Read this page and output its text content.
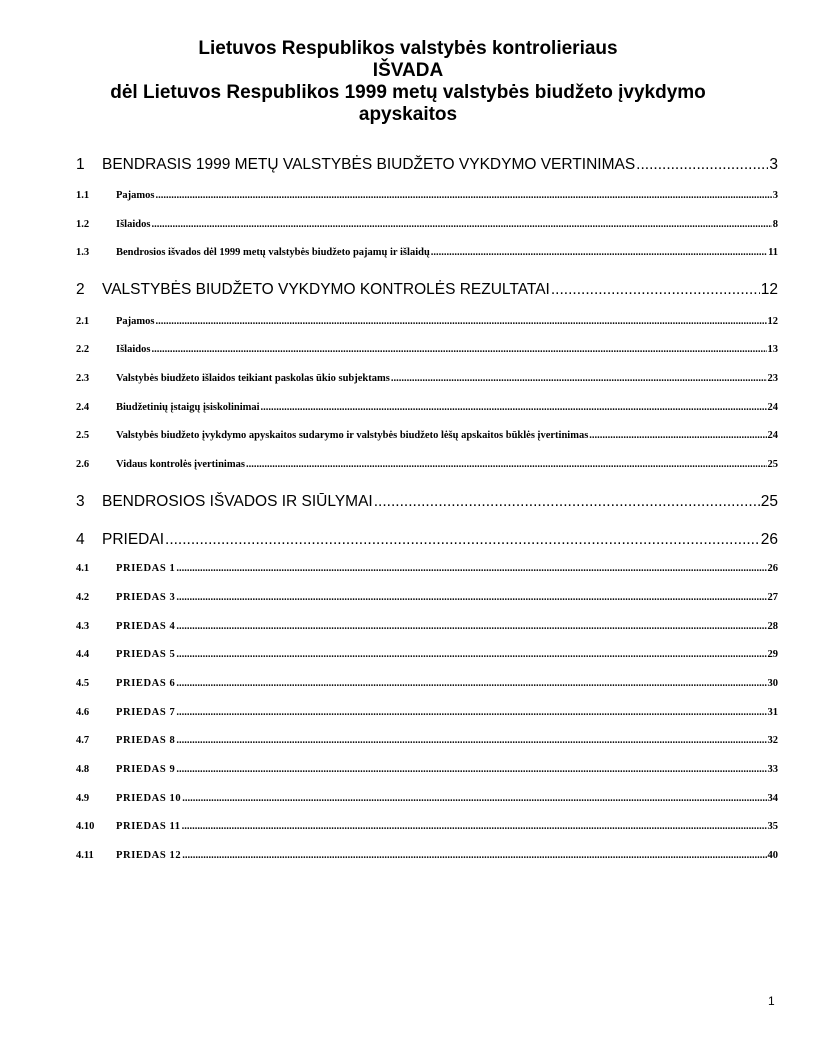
Lietuvos Respublikos valstybės kontrolieriaus
IŠVADA
dėl Lietuvos Respublikos 1999 metų valstybės biudžeto įvykdymo
apyskaitos
1	BENDRASIS 1999 METŲ VALSTYBĖS BIUDŽETO VYKDYMO VERTINIMAS .....	3
1.1	Pajamos .....	3
1.2	Išlaidos .....	8
1.3	Bendrosios išvados dėl 1999 metų valstybės biudžeto pajamų ir išlaidų .....	11
2	VALSTYBĖS BIUDŽETO VYKDYMO KONTROLĖS REZULTATAI .....	12
2.1	Pajamos .....	12
2.2	Išlaidos .....	13
2.3	Valstybės biudžeto išlaidos teikiant paskolas ūkio subjektams .....	23
2.4	Biudžetinių įstaigų įsiskolinimai .....	24
2.5	Valstybės biudžeto įvykdymo apyskaitos sudarymo ir valstybės biudžeto lėšų apskaitos būklės įvertinimas .....	24
2.6	Vidaus kontrolės įvertinimas .....	25
3	BENDROSIOS IŠVADOS IR SIŪLYMAI .....	25
4	PRIEDAI .....	26
4.1	PRIEDAS 1 .....	26
4.2	PRIEDAS 3 .....	27
4.3	PRIEDAS 4 .....	28
4.4	PRIEDAS 5 .....	29
4.5	PRIEDAS 6 .....	30
4.6	PRIEDAS 7 .....	31
4.7	PRIEDAS 8 .....	32
4.8	PRIEDAS 9 .....	33
4.9	PRIEDAS 10 .....	34
4.10	PRIEDAS 11 .....	35
4.11	PRIEDAS 12 .....	40
1
